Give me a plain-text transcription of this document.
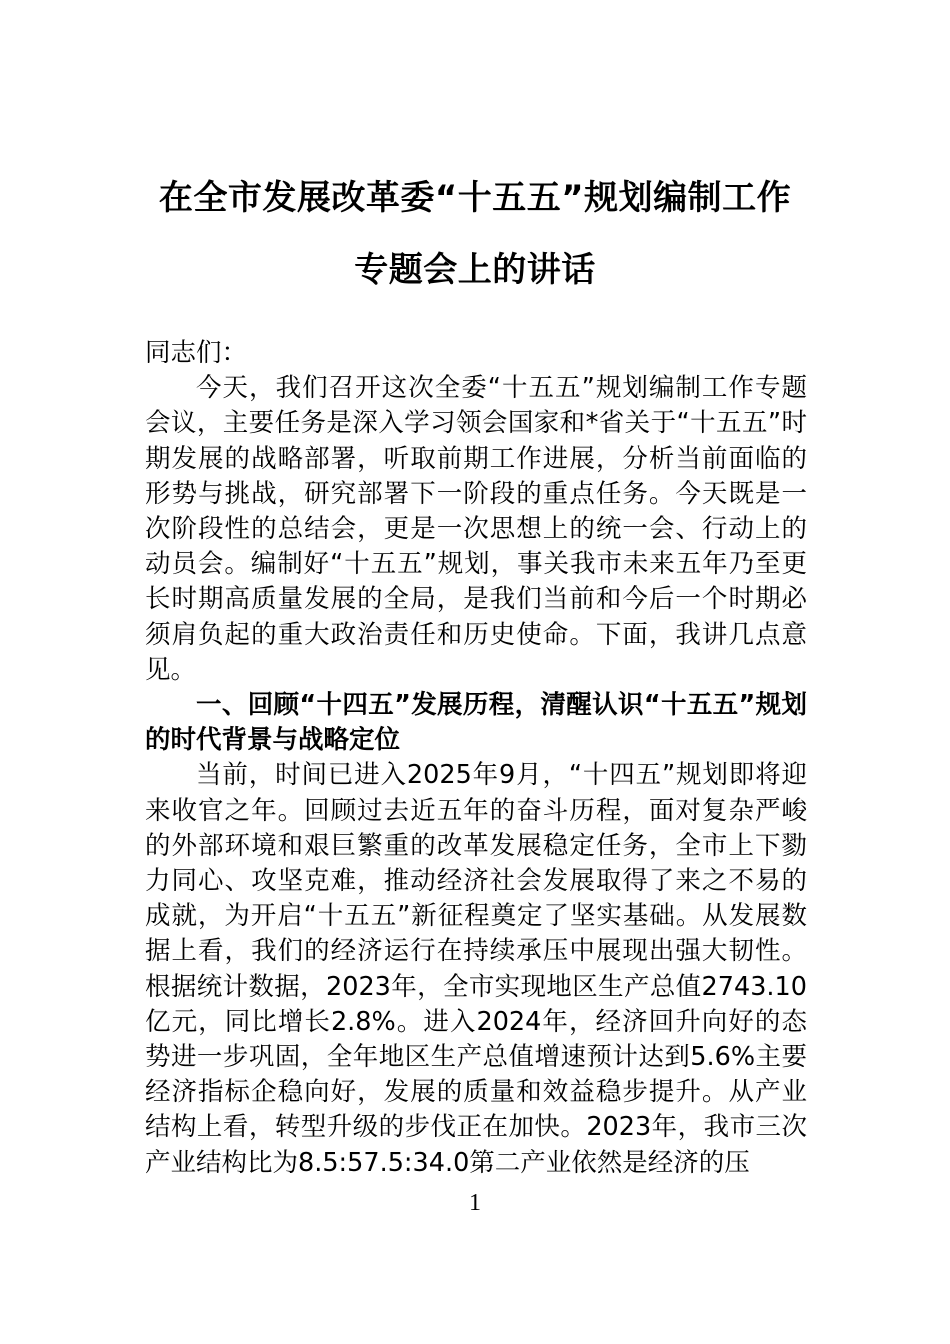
在全市发展改革委“十五五”规划编制工作专题会上的讲话

同志们：

今天，我们召开这次全委“十五五”规划编制工作专题会议，主要任务是深入学习领会国家和*省关于“十五五”时期发展的战略部署，听取前期工作进展，分析当前面临的形势与挑战，研究部署下一阶段的重点任务。今天既是一次阶段性的总结会，更是一次思想上的统一会、行动上的动员会。编制好“十五五”规划，事关我市未来五年乃至更长时期高质量发展的全局，是我们当前和今后一个时期必须肩负起的重大政治责任和历史使命。下面，我讲几点意见。

一、回顾“十四五”发展历程，清醒认识“十五五”规划的时代背景与战略定位

当前，时间已进入2025年9月，“十四五”规划即将迎来收官之年。回顾过去近五年的奋斗历程，面对复杂严峻的外部环境和艰巨繁重的改革发展稳定任务，全市上下勠力同心、攻坚克难，推动经济社会发展取得了来之不易的成就，为开启“十五五”新征程奠定了坚实基础。从发展数据上看，我们的经济运行在持续承压中展现出强大韧性。根据统计数据，2023年，全市实现地区生产总值2743.10亿元，同比增长2.8%。进入2024年，经济回升向好的态势进一步巩固，全年地区生产总值增速预计达到5.6%主要经济指标企稳向好，发展的质量和效益稳步提升。从产业结构上看，转型升级的步伐正在加快。2023年，我市三次产业结构比为8.5:57.5:34.0第二产业依然是经济的压

1
